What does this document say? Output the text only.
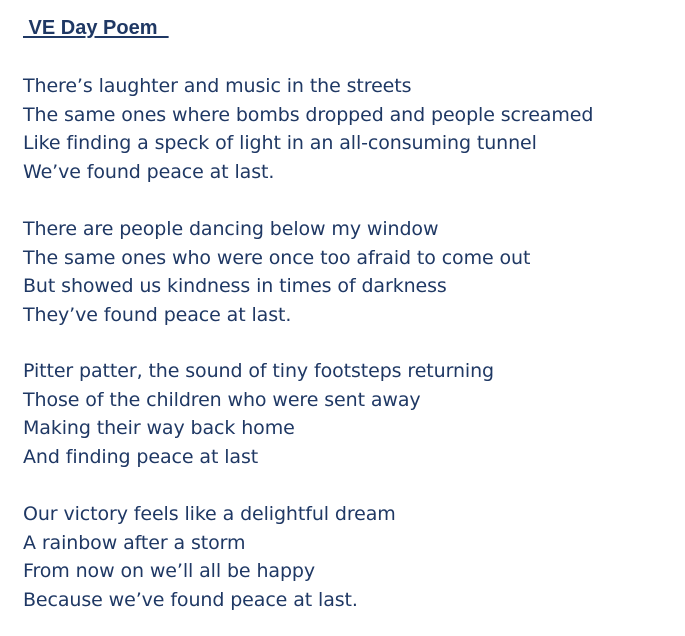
VE Day Poem
There’s laughter and music in the streets
The same ones where bombs dropped and people screamed
Like finding a speck of light in an all-consuming tunnel
We’ve found peace at last.
There are people dancing below my window
The same ones who were once too afraid to come out
But showed us kindness in times of darkness
They’ve found peace at last.
Pitter patter, the sound of tiny footsteps returning
Those of the children who were sent away
Making their way back home
And finding peace at last
Our victory feels like a delightful dream
A rainbow after a storm
From now on we’ll all be happy
Because we’ve found peace at last.
